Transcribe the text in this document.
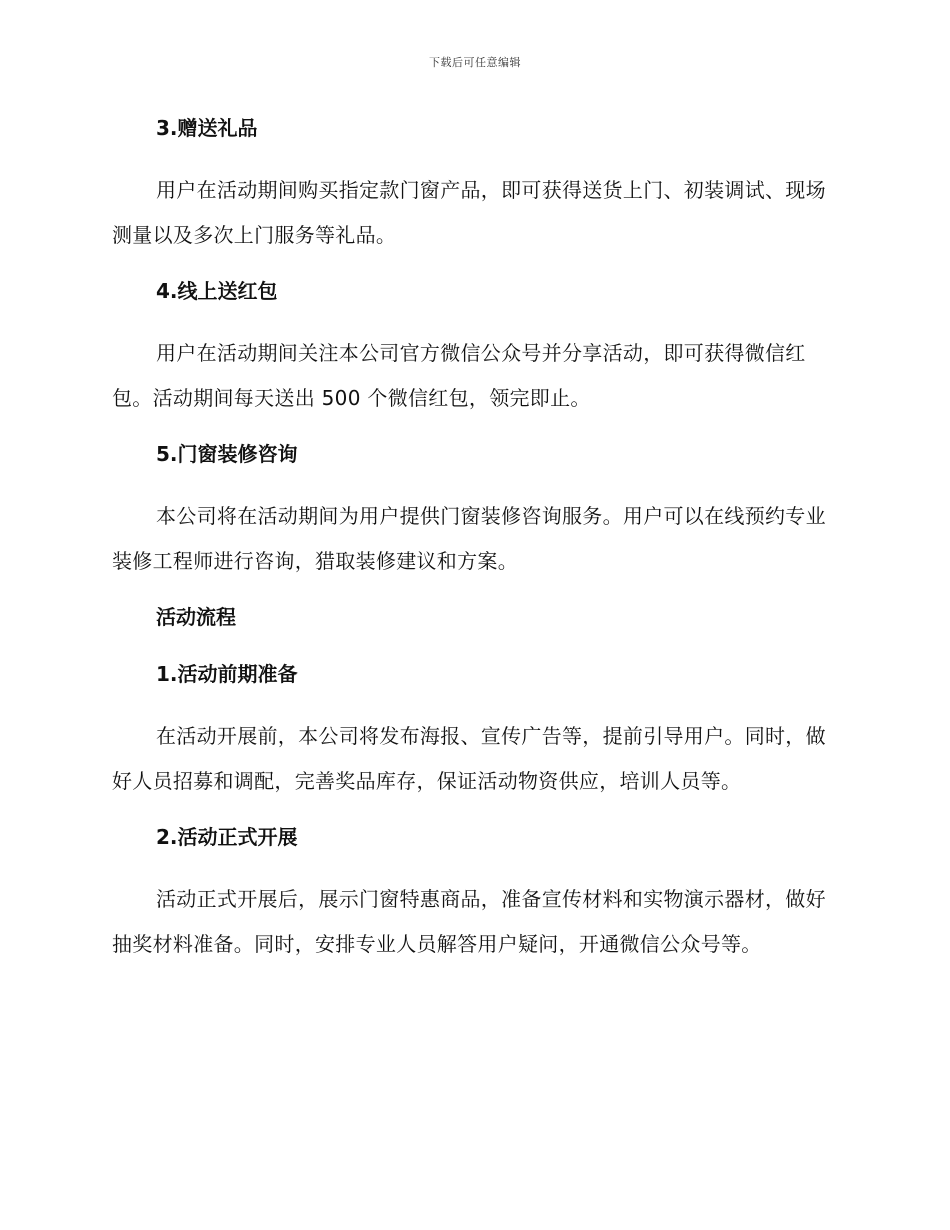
下载后可任意编辑
3.赠送礼品

用户在活动期间购买指定款门窗产品，即可获得送货上门、初装调试、现场测量以及多次上门服务等礼品。

4.线上送红包

用户在活动期间关注本公司官方微信公众号并分享活动，即可获得微信红包。活动期间每天送出 500 个微信红包，领完即止。

5.门窗装修咨询

本公司将在活动期间为用户提供门窗装修咨询服务。用户可以在线预约专业装修工程师进行咨询，猎取装修建议和方案。

活动流程
1.活动前期准备

在活动开展前，本公司将发布海报、宣传广告等，提前引导用户。同时，做好人员招募和调配，完善奖品库存，保证活动物资供应，培训人员等。

2.活动正式开展

活动正式开展后，展示门窗特惠商品，准备宣传材料和实物演示器材，做好抽奖材料准备。同时，安排专业人员解答用户疑问，开通微信公众号等。
